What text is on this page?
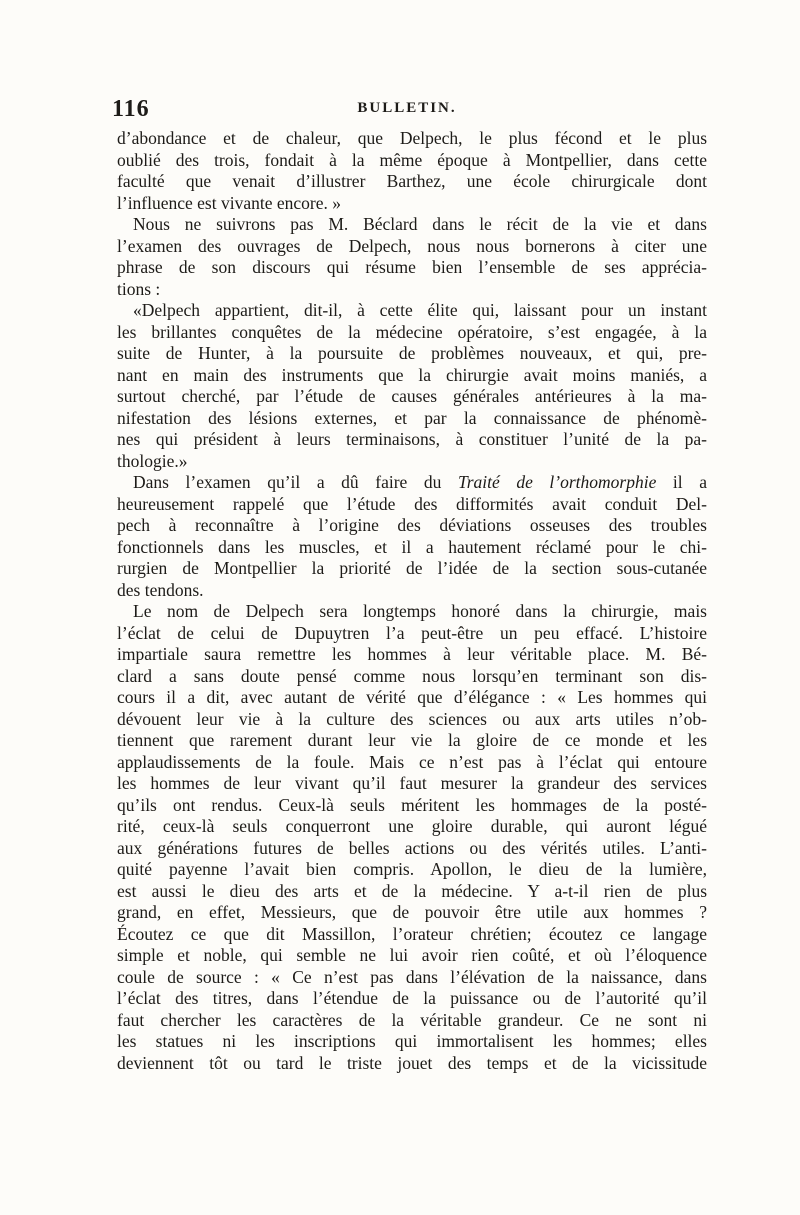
116	BULLETIN.
d’abondance et de chaleur, que Delpech, le plus fécond et le plus
oublié des trois, fondait à la même époque à Montpellier, dans cette
faculté que venait d’illustrer Barthez, une école chirurgicale dont
l’influence est vivante encore. »
Nous ne suivrons pas M. Béclard dans le récit de la vie et dans
l’examen des ouvrages de Delpech, nous nous bornerons à citer une
phrase de son discours qui résume bien l’ensemble de ses apprécia-
tions :
«Delpech appartient, dit-il, à cette élite qui, laissant pour un instant
les brillantes conquêtes de la médecine opératoire, s’est engagée, à la
suite de Hunter, à la poursuite de problèmes nouveaux, et qui, pre-
nant en main des instruments que la chirurgie avait moins maniés, a
surtout cherché, par l’étude de causes générales antérieures à la ma-
nifestation des lésions externes, et par la connaissance de phénomè-
nes qui président à leurs terminaisons, à constituer l’unité de la pa-
thologie.»
Dans l’examen qu’il a dû faire du Traité de l’orthomorphie il a
heureusement rappelé que l’étude des difformités avait conduit Del-
pech à reconnaître à l’origine des déviations osseuses des troubles
fonctionnels dans les muscles, et il a hautement réclamé pour le chi-
rurgien de Montpellier la priorité de l’idée de la section sous-cutanée
des tendons.
Le nom de Delpech sera longtemps honoré dans la chirurgie, mais
l’éclat de celui de Dupuytren l’a peut-être un peu effacé. L’histoire
impartiale saura remettre les hommes à leur véritable place. M. Bé-
clard a sans doute pensé comme nous lorsqu’en terminant son dis-
cours il a dit, avec autant de vérité que d’élégance : « Les hommes qui
dévouent leur vie à la culture des sciences ou aux arts utiles n’ob-
tiennent que rarement durant leur vie la gloire de ce monde et les
applaudissements de la foule. Mais ce n’est pas à l’éclat qui entoure
les hommes de leur vivant qu’il faut mesurer la grandeur des services
qu’ils ont rendus. Ceux-là seuls méritent les hommages de la posté-
rité, ceux-là seuls conquerront une gloire durable, qui auront légué
aux générations futures de belles actions ou des vérités utiles. L’anti-
quité payenne l’avait bien compris. Apollon, le dieu de la lumière,
est aussi le dieu des arts et de la médecine. Y a-t-il rien de plus
grand, en effet, Messieurs, que de pouvoir être utile aux hommes ?
Écoutez ce que dit Massillon, l’orateur chrétien; écoutez ce langage
simple et noble, qui semble ne lui avoir rien coûté, et où l’éloquence
coule de source : « Ce n’est pas dans l’élévation de la naissance, dans
l’éclat des titres, dans l’étendue de la puissance ou de l’autorité qu’il
faut chercher les caractères de la véritable grandeur. Ce ne sont ni
les statues ni les inscriptions qui immortalisent les hommes; elles
deviennent tôt ou tard le triste jouet des temps et de la vicissitude
